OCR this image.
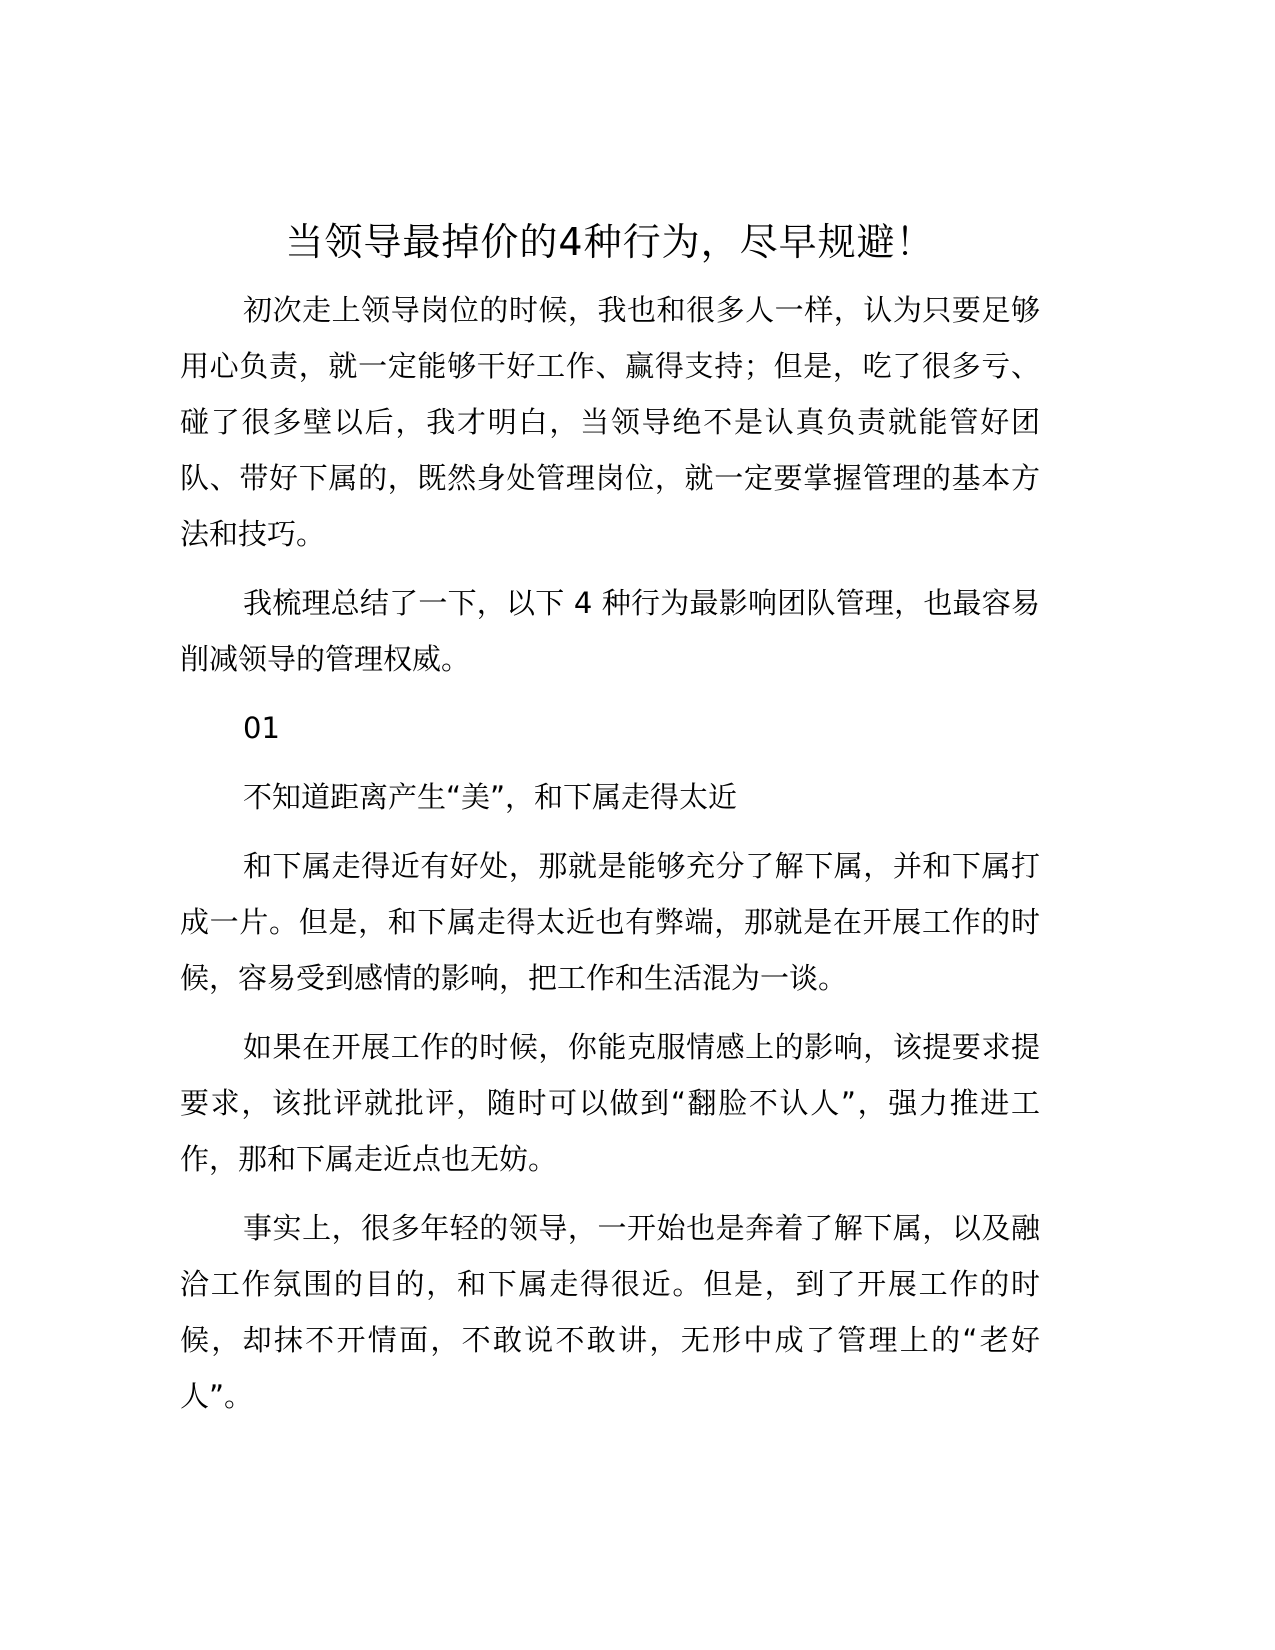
当领导最掉价的4种行为，尽早规避！

初次走上领导岗位的时候，我也和很多人一样，认为只要足够用心负责，就一定能够干好工作、赢得支持；但是，吃了很多亏、碰了很多壁以后，我才明白，当领导绝不是认真负责就能管好团队、带好下属的，既然身处管理岗位，就一定要掌握管理的基本方法和技巧。

我梳理总结了一下，以下 4 种行为最影响团队管理，也最容易削减领导的管理权威。

01

不知道距离产生“美”，和下属走得太近

和下属走得近有好处，那就是能够充分了解下属，并和下属打成一片。但是，和下属走得太近也有弊端，那就是在开展工作的时候，容易受到感情的影响，把工作和生活混为一谈。

如果在开展工作的时候，你能克服情感上的影响，该提要求提要求，该批评就批评，随时可以做到“翻脸不认人”，强力推进工作，那和下属走近点也无妨。

事实上，很多年轻的领导，一开始也是奔着了解下属，以及融洽工作氛围的目的，和下属走得很近。但是，到了开展工作的时候，却抹不开情面，不敢说不敢讲，无形中成了管理上的“老好人”。
